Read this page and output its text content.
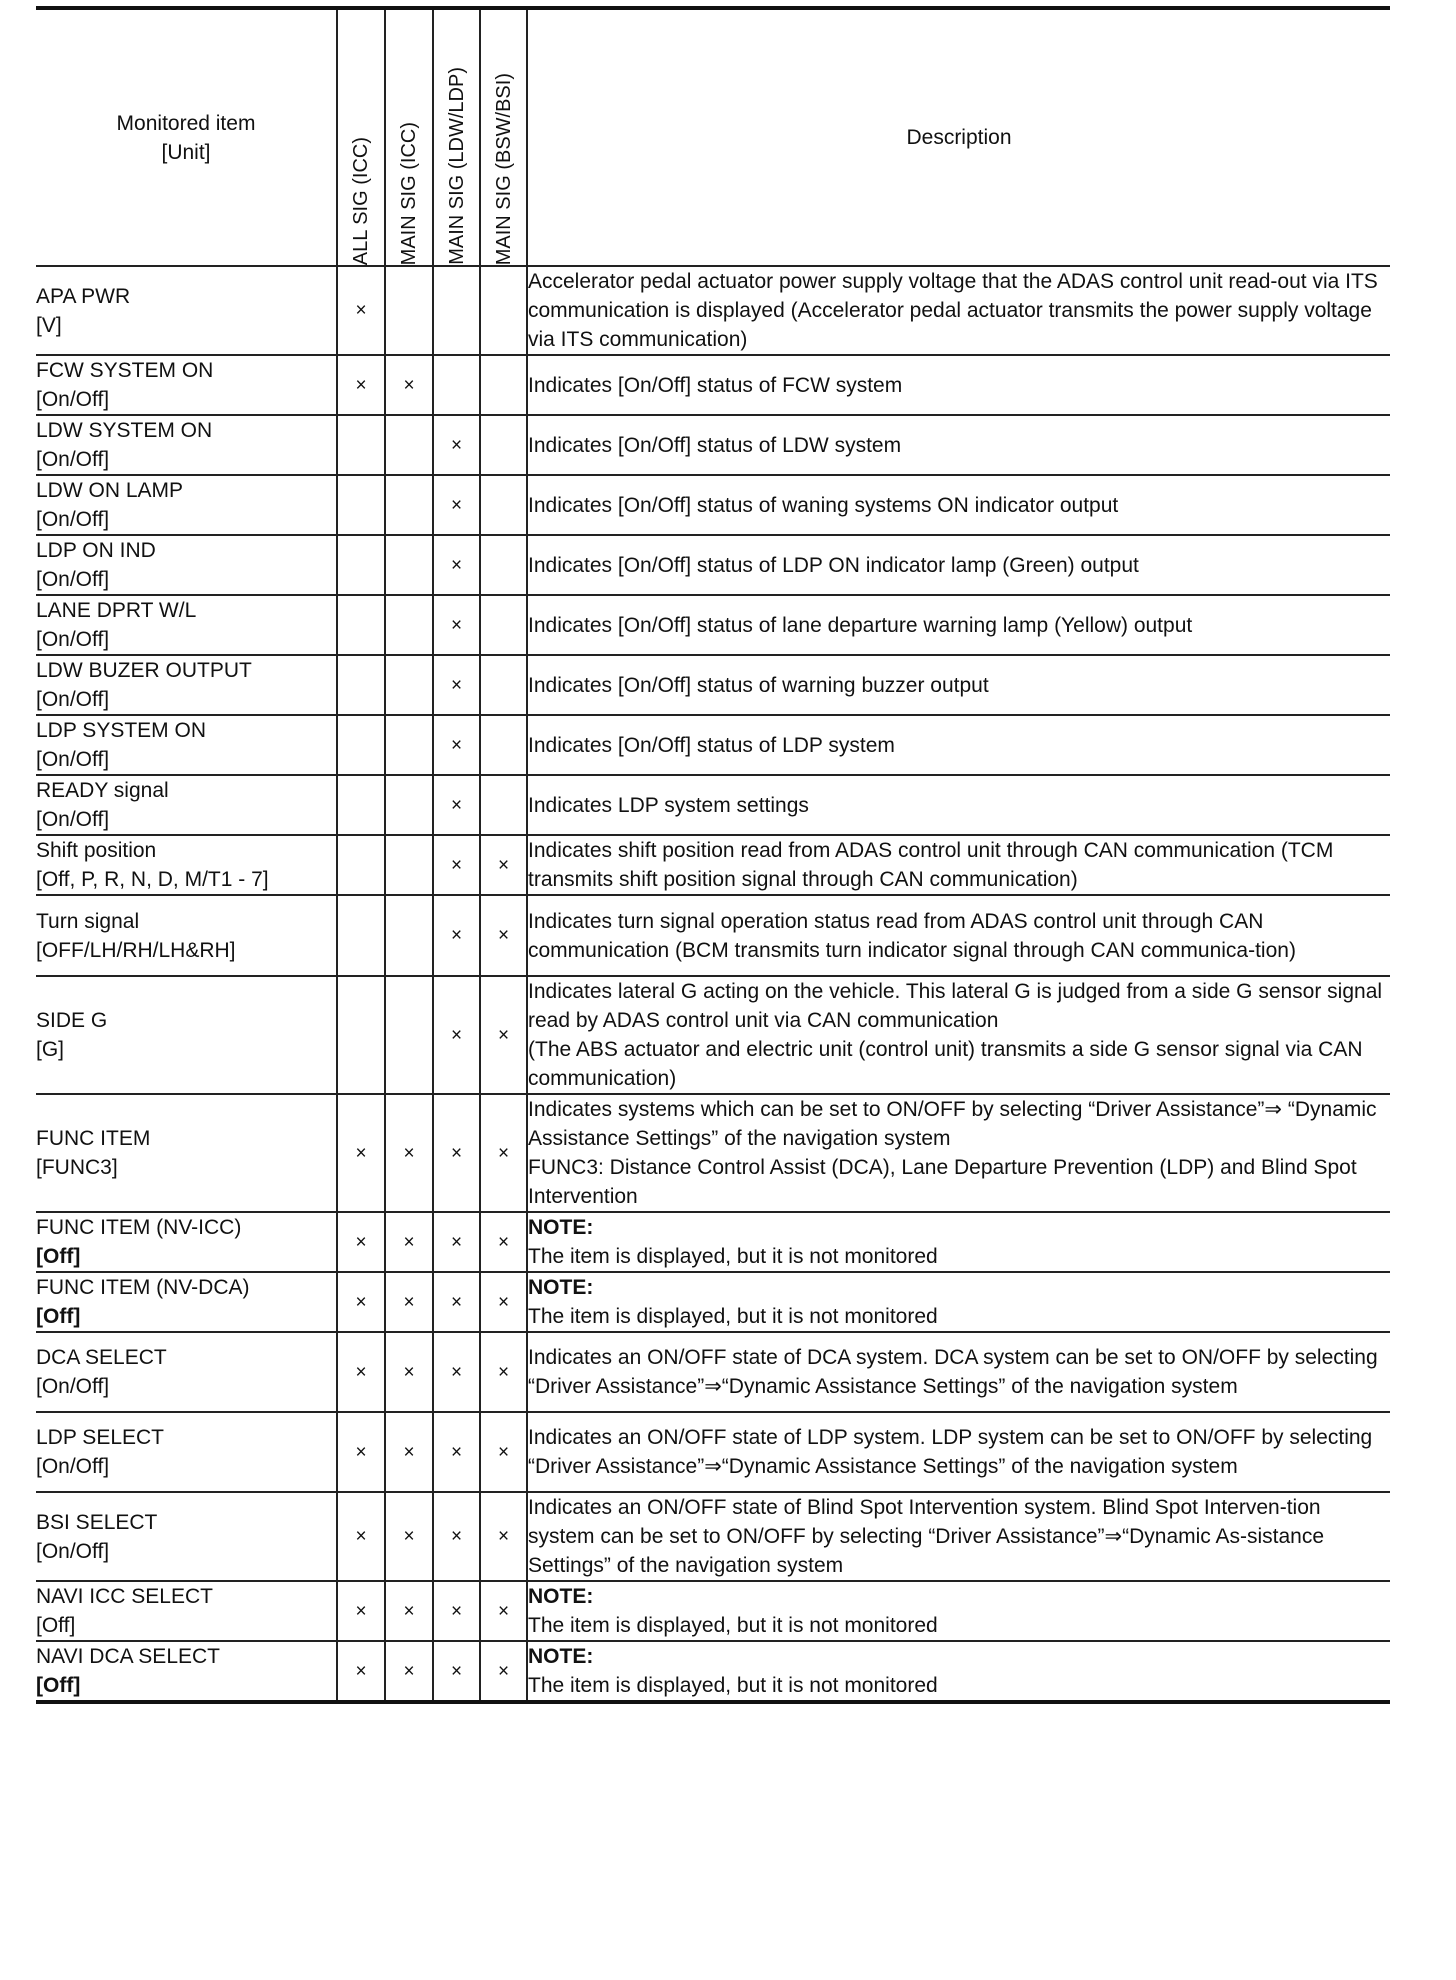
Monitored item
[Unit]	ALL SIG (ICC)	MAIN SIG (ICC)	MAIN SIG (LDW/LDP)	MAIN SIG (BSW/BSI)	Description

APA PWR
[V]	×				Accelerator pedal actuator power supply voltage that the ADAS control unit read-out via ITS communication is displayed (Accelerator pedal actuator transmits the power supply voltage via ITS communication)

FCW SYSTEM ON
[On/Off]	×	×			Indicates [On/Off] status of FCW system

LDW SYSTEM ON
[On/Off]			×		Indicates [On/Off] status of LDW system

LDW ON LAMP
[On/Off]			×		Indicates [On/Off] status of waning systems ON indicator output

LDP ON IND
[On/Off]			×		Indicates [On/Off] status of LDP ON indicator lamp (Green) output

LANE DPRT W/L
[On/Off]			×		Indicates [On/Off] status of lane departure warning lamp (Yellow) output

LDW BUZER OUTPUT
[On/Off]			×		Indicates [On/Off] status of warning buzzer output

LDP SYSTEM ON
[On/Off]			×		Indicates [On/Off] status of LDP system

READY signal
[On/Off]			×		Indicates LDP system settings

Shift position
[Off, P, R, N, D, M/T1 - 7]			×	×	Indicates shift position read from ADAS control unit through CAN communication (TCM transmits shift position signal through CAN communication)

Turn signal
[OFF/LH/RH/LH&RH]			×	×	Indicates turn signal operation status read from ADAS control unit through CAN communication (BCM transmits turn indicator signal through CAN communica-tion)

SIDE G
[G]			×	×	Indicates lateral G acting on the vehicle. This lateral G is judged from a side G sensor signal read by ADAS control unit via CAN communication
(The ABS actuator and electric unit (control unit) transmits a side G sensor signal via CAN communication)

FUNC ITEM
[FUNC3]	×	×	×	×	Indicates systems which can be set to ON/OFF by selecting “Driver Assistance”⇒ “Dynamic Assistance Settings” of the navigation system
FUNC3: Distance Control Assist (DCA), Lane Departure Prevention (LDP) and Blind Spot Intervention

FUNC ITEM (NV-ICC)
[Off]	×	×	×	×	NOTE:
The item is displayed, but it is not monitored

FUNC ITEM (NV-DCA)
[Off]	×	×	×	×	NOTE:
The item is displayed, but it is not monitored

DCA SELECT
[On/Off]	×	×	×	×	Indicates an ON/OFF state of DCA system. DCA system can be set to ON/OFF by selecting “Driver Assistance”⇒“Dynamic Assistance Settings” of the navigation system

LDP SELECT
[On/Off]	×	×	×	×	Indicates an ON/OFF state of LDP system. LDP system can be set to ON/OFF by selecting “Driver Assistance”⇒“Dynamic Assistance Settings” of the navigation system

BSI SELECT
[On/Off]	×	×	×	×	Indicates an ON/OFF state of Blind Spot Intervention system. Blind Spot Interven-tion system can be set to ON/OFF by selecting “Driver Assistance”⇒“Dynamic As-sistance Settings” of the navigation system

NAVI ICC SELECT
[Off]	×	×	×	×	NOTE:
The item is displayed, but it is not monitored

NAVI DCA SELECT
[Off]	×	×	×	×	NOTE:
The item is displayed, but it is not monitored
